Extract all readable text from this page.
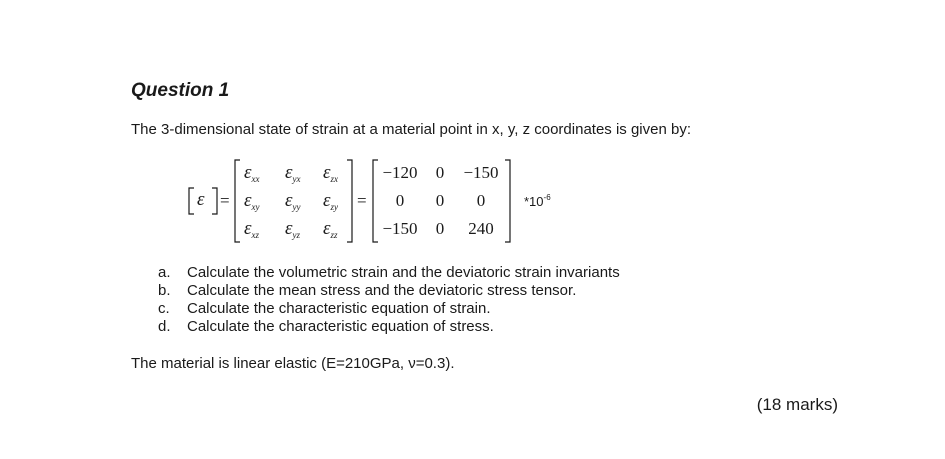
Question 1

The 3-dimensional state of strain at a material point in x, y, z coordinates is given by:

ε =	=
$\varepsilon_{xx}$ $\varepsilon_{yx}$ $\varepsilon_{zx}$
$\varepsilon_{xy}$ $\varepsilon_{yy}$ $\varepsilon_{zy}$
$\varepsilon_{xz}$ $\varepsilon_{yz}$ $\varepsilon_{zz}$
−120	0	−150
0	0	0
−150	0	240
$*10^{-6}$
a. Calculate the volumetric strain and the deviatoric strain invariants
b. Calculate the mean stress and the deviatoric stress tensor.
c. Calculate the characteristic equation of strain.
d. Calculate the characteristic equation of stress.

The material is linear elastic (E=210GPa, ν=0.3).

(18 marks)
